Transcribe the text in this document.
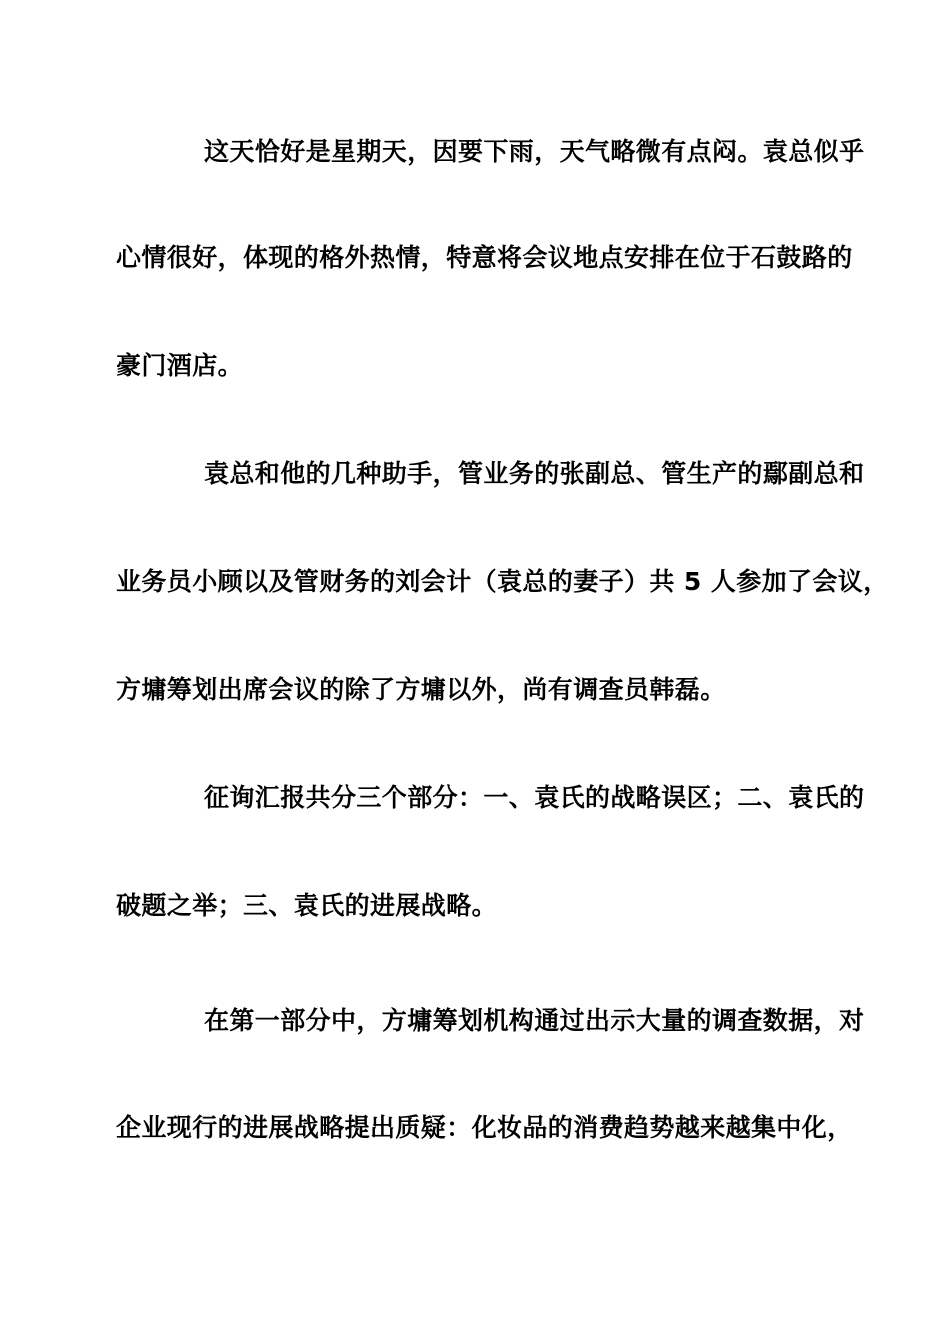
这天恰好是星期天，因要下雨，天气略微有点闷。袁总似乎
心情很好，体现的格外热情，特意将会议地点安排在位于石鼓路的
豪门酒店。
袁总和他的几种助手，管业务的张副总、管生产的鄢副总和
业务员小顾以及管财务的刘会计（袁总的妻子）共 5 人参加了会议，
方墉筹划出席会议的除了方墉以外，尚有调查员韩磊。
征询汇报共分三个部分：一、袁氏的战略误区；二、袁氏的
破题之举；三、袁氏的进展战略。
在第一部分中，方墉筹划机构通过出示大量的调查数据，对
企业现行的进展战略提出质疑：化妆品的消费趋势越来越集中化，
